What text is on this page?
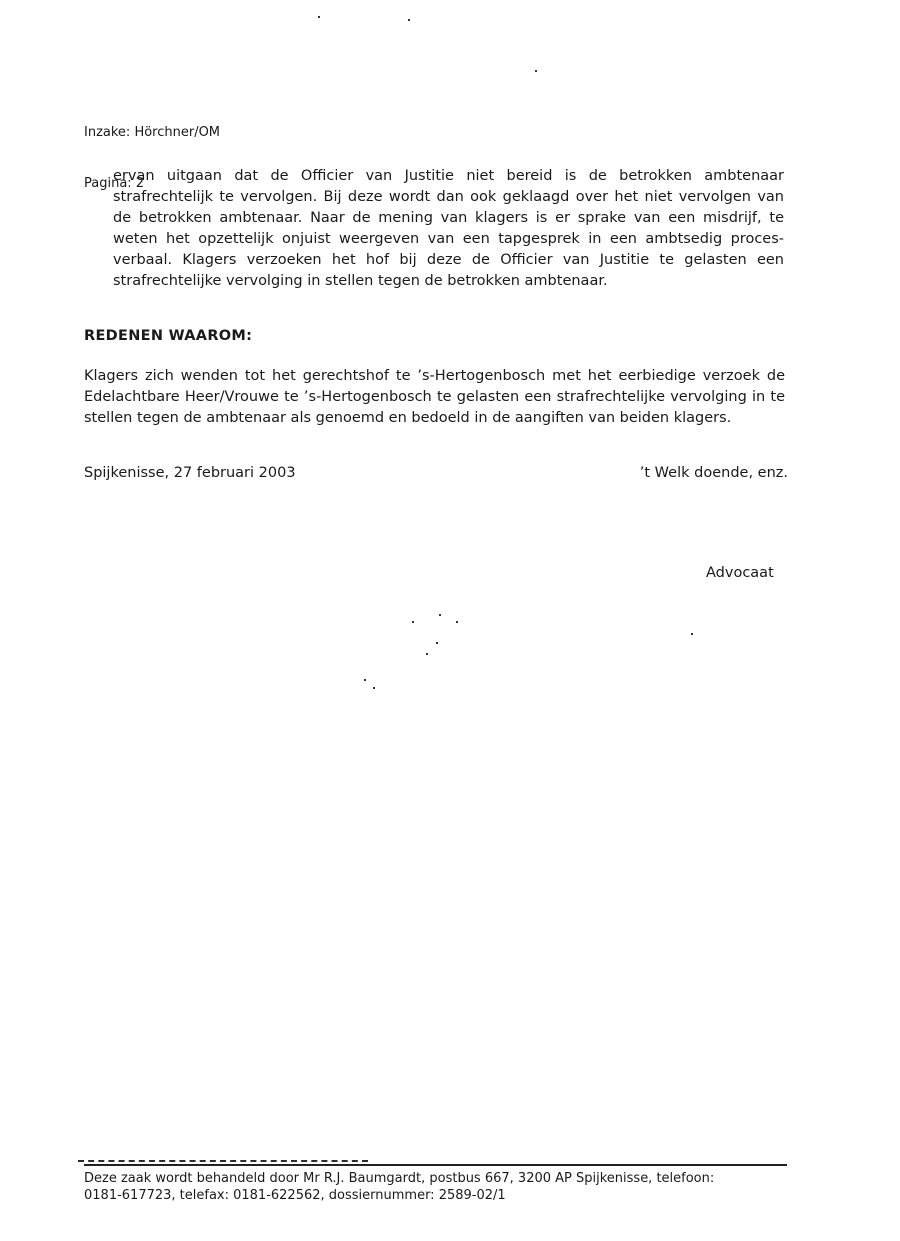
Inzake: Hörchner/OM

Pagina: 2

ervan uitgaan dat de Officier van Justitie niet bereid is de betrokken ambtenaar strafrechtelijk te vervolgen. Bij deze wordt dan ook geklaagd over het niet vervolgen van de betrokken ambtenaar. Naar de mening van klagers is er sprake van een misdrijf, te weten het opzettelijk onjuist weergeven van een tapgesprek in een ambtsedig proces-verbaal. Klagers verzoeken het hof bij deze de Officier van Justitie te gelasten een strafrechtelijke vervolging in stellen tegen de betrokken ambtenaar.
REDENEN WAAROM:
Klagers zich wenden tot het gerechtshof te ’s-Hertogenbosch met het eerbiedige verzoek de Edelachtbare Heer/Vrouwe te ’s-Hertogenbosch te gelasten een strafrechtelijke vervolging in te stellen tegen de ambtenaar als genoemd en bedoeld in de aangiften van beiden klagers.
Spijkenisse, 27 februari 2003	’t Welk doende, enz.
Advocaat
Deze zaak wordt behandeld door Mr R.J. Baumgardt, postbus 667, 3200 AP Spijkenisse, telefoon:
0181-617723, telefax: 0181-622562, dossiernummer: 2589-02/1
